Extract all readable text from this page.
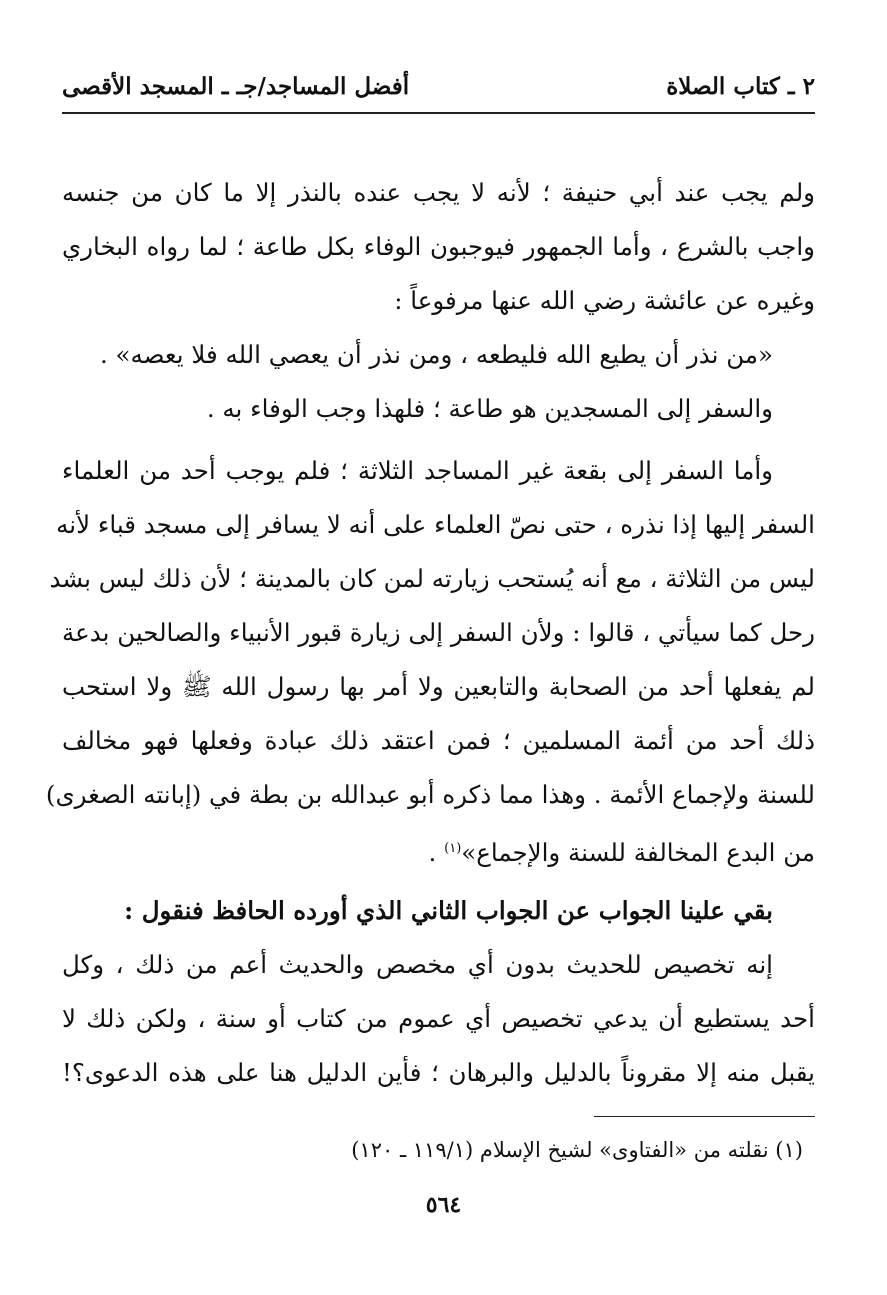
٢ ـ كتاب الصلاة
أفضل المساجد/جـ ـ المسجد الأقصى
ولم يجب عند أبي حنيفة ؛ لأنه لا يجب عنده بالنذر إلا ما كان من جنسه
واجب بالشرع ، وأما الجمهور فيوجبون الوفاء بكل طاعة ؛ لما رواه البخاري
وغيره عن عائشة رضي الله عنها مرفوعاً :
«من نذر أن يطيع الله فليطعه ، ومن نذر أن يعصي الله فلا يعصه» .
والسفر إلى المسجدين هو طاعة ؛ فلهذا وجب الوفاء به .
وأما السفر إلى بقعة غير المساجد الثلاثة ؛ فلم يوجب أحد من العلماء
السفر إليها إذا نذره ، حتى نصّ العلماء على أنه لا يسافر إلى مسجد قباء لأنه
ليس من الثلاثة ، مع أنه يُستحب زيارته لمن كان بالمدينة ؛ لأن ذلك ليس بشد
رحل كما سيأتي ، قالوا : ولأن السفر إلى زيارة قبور الأنبياء والصالحين بدعة
لم يفعلها أحد من الصحابة والتابعين ولا أمر بها رسول الله ﷺ ولا استحب
ذلك أحد من أئمة المسلمين ؛ فمن اعتقد ذلك عبادة وفعلها فهو مخالف
للسنة ولإجماع الأئمة . وهذا مما ذكره أبو عبدالله بن بطة في (إبانته الصغرى)
من البدع المخالفة للسنة والإجماع»$^{(١)}$ .
بقي علينا الجواب عن الجواب الثاني الذي أورده الحافظ فنقول :
إنه تخصيص للحديث بدون أي مخصص والحديث أعم من ذلك ، وكل
أحد يستطيع أن يدعي تخصيص أي عموم من كتاب أو سنة ، ولكن ذلك لا
يقبل منه إلا مقروناً بالدليل والبرهان ؛ فأين الدليل هنا على هذه الدعوى؟!
(١) نقلته من «الفتاوى» لشيخ الإسلام (١١٩/١ ـ ١٢٠)
٥٦٤
